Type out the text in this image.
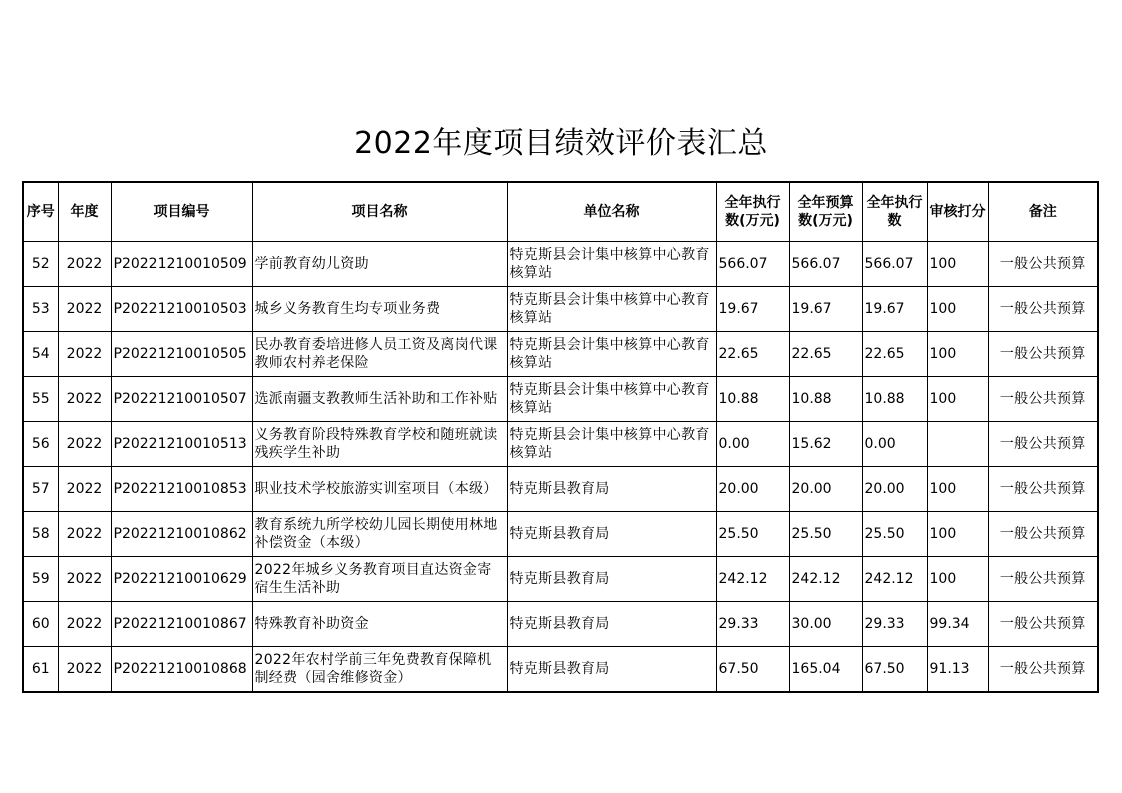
2022年度项目绩效评价表汇总
序号	年度	项目编号	项目名称	单位名称	全年执行数(万元)	全年预算数(万元)	全年执行数	审核打分	备注
52	2022	P20221210010509	学前教育幼儿资助	特克斯县会计集中核算中心教育核算站	566.07	566.07	566.07	100	一般公共预算
53	2022	P20221210010503	城乡义务教育生均专项业务费	特克斯县会计集中核算中心教育核算站	19.67	19.67	19.67	100	一般公共预算
54	2022	P20221210010505	民办教育委培进修人员工资及离岗代课教师农村养老保险	特克斯县会计集中核算中心教育核算站	22.65	22.65	22.65	100	一般公共预算
55	2022	P20221210010507	选派南疆支教教师生活补助和工作补贴	特克斯县会计集中核算中心教育核算站	10.88	10.88	10.88	100	一般公共预算
56	2022	P20221210010513	义务教育阶段特殊教育学校和随班就读残疾学生补助	特克斯县会计集中核算中心教育核算站	0.00	15.62	0.00		一般公共预算
57	2022	P20221210010853	职业技术学校旅游实训室项目（本级）	特克斯县教育局	20.00	20.00	20.00	100	一般公共预算
58	2022	P20221210010862	教育系统九所学校幼儿园长期使用林地补偿资金（本级）	特克斯县教育局	25.50	25.50	25.50	100	一般公共预算
59	2022	P20221210010629	2022年城乡义务教育项目直达资金寄宿生生活补助	特克斯县教育局	242.12	242.12	242.12	100	一般公共预算
60	2022	P20221210010867	特殊教育补助资金	特克斯县教育局	29.33	30.00	29.33	99.34	一般公共预算
61	2022	P20221210010868	2022年农村学前三年免费教育保障机制经费（园舍维修资金）	特克斯县教育局	67.50	165.04	67.50	91.13	一般公共预算
